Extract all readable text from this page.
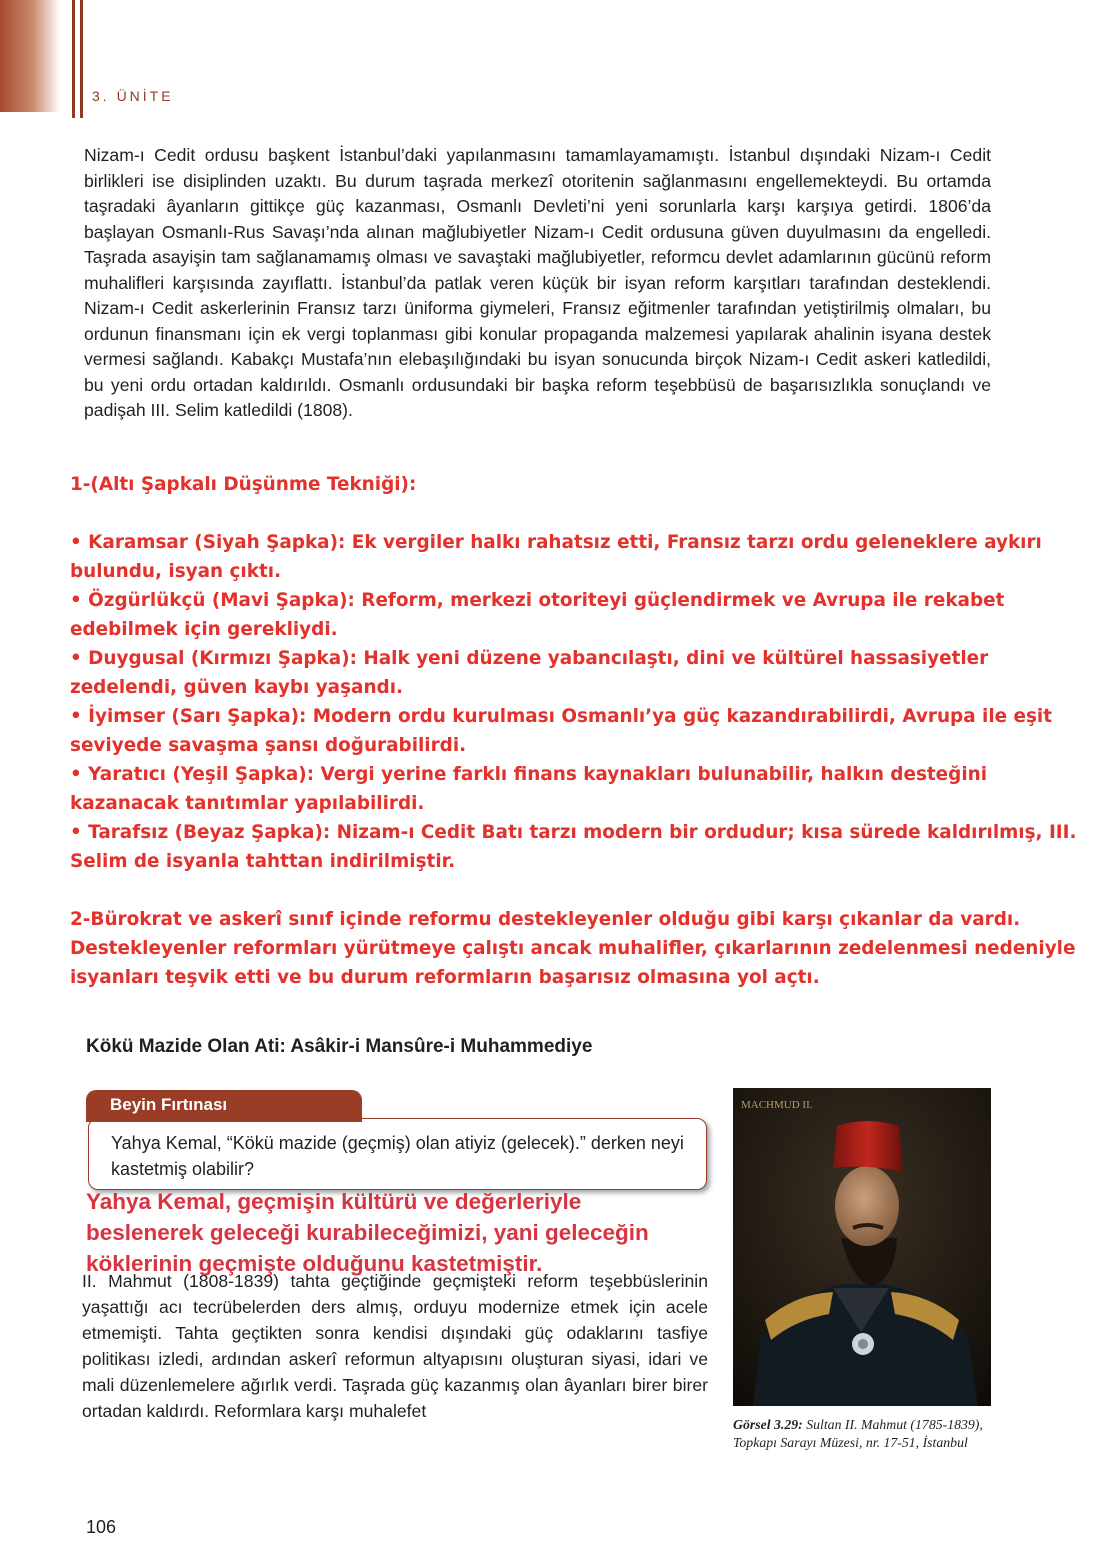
3. ÜNİTE

Nizam-ı Cedit ordusu başkent İstanbul’daki yapılanmasını tamamlayamamıştı. İstanbul dışındaki Nizam-ı Cedit birlikleri ise disiplinden uzaktı. Bu durum taşrada merkezî otoritenin sağlanmasını engellemekteydi. Bu ortamda taşradaki âyanların gittikçe güç kazanması, Osmanlı Devleti’ni yeni sorunlarla karşı karşıya getirdi. 1806’da başlayan Osmanlı-Rus Savaşı’nda alınan mağlubiyetler Nizam-ı Cedit ordusuna güven duyulmasını da engelledi. Taşrada asayişin tam sağlanamamış olması ve savaştaki mağlubiyetler, reformcu devlet adamlarının gücünü reform muhalifleri karşısında zayıflattı. İstanbul’da patlak veren küçük bir isyan reform karşıtları tarafından desteklendi. Nizam-ı Cedit askerlerinin Fransız tarzı üniforma giymeleri, Fransız eğitmenler tarafından yetiştirilmiş olmaları, bu ordunun finansmanı için ek vergi toplanması gibi konular propaganda malzemesi yapılarak ahalinin isyana destek vermesi sağlandı. Kabakçı Mustafa’nın elebaşılığındaki bu isyan sonucunda birçok Nizam-ı Cedit askeri katledildi, bu yeni ordu ortadan kaldırıldı. Osmanlı ordusundaki bir başka reform teşebbüsü de başarısızlıkla sonuçlandı ve padişah III. Selim katledildi (1808).

1-(Altı Şapkalı Düşünme Tekniği):

• Karamsar (Siyah Şapka): Ek vergiler halkı rahatsız etti, Fransız tarzı ordu geleneklere aykırı bulundu, isyan çıktı.

• Özgürlükçü (Mavi Şapka): Reform, merkezi otoriteyi güçlendirmek ve Avrupa ile rekabet edebilmek için gerekliydi.

• Duygusal (Kırmızı Şapka): Halk yeni düzene yabancılaştı, dini ve kültürel hassasiyetler zedelendi, güven kaybı yaşandı.

• İyimser (Sarı Şapka): Modern ordu kurulması Osmanlı’ya güç kazandırabilirdi, Avrupa ile eşit seviyede savaşma şansı doğurabilirdi.

• Yaratıcı (Yeşil Şapka): Vergi yerine farklı finans kaynakları bulunabilir, halkın desteğini kazanacak tanıtımlar yapılabilirdi.

• Tarafsız (Beyaz Şapka): Nizam-ı Cedit Batı tarzı modern bir ordudur; kısa sürede kaldırılmış, III. Selim de isyanla tahttan indirilmiştir.

2-Bürokrat ve askerî sınıf içinde reformu destekleyenler olduğu gibi karşı çıkanlar da vardı. Destekleyenler reformları yürütmeye çalıştı ancak muhalifler, çıkarlarının zedelenmesi nedeniyle isyanları teşvik etti ve bu durum reformların başarısız olmasına yol açtı.

Kökü Mazide Olan Ati: Asâkir-i Mansûre-i Muhammediye

Yahya Kemal, “Kökü mazide (geçmiş) olan atiyiz (gelecek).” derken neyi kastetmiş olabilir?

Beyin Fırtınası

II. Mahmut (1808-1839) tahta geçtiğinde geçmişteki reform teşebbüslerinin yaşattığı acı tecrübelerden ders almış, orduyu modernize etmek için acele etmemişti. Tahta geçtikten sonra kendisi dışındaki güç odaklarını tasfiye politikası izledi, ardından askerî reformun altyapısını oluşturan siyasi, idari ve mali düzenlemelere ağırlık verdi. Taşrada güç kazanmış olan âyanları birer birer ortadan kaldırdı. Reformlara karşı muhalefet

Yahya Kemal, geçmişin kültürü ve değerleriyle

beslenerek geleceği kurabileceğimizi, yani geleceğin

köklerinin geçmişte olduğunu kastetmiştir.

MACHMUD II.
Görsel 3.29: Sultan II. Mahmut (1785-1839), Topkapı Sarayı Müzesi, nr. 17-51, İstanbul
106
